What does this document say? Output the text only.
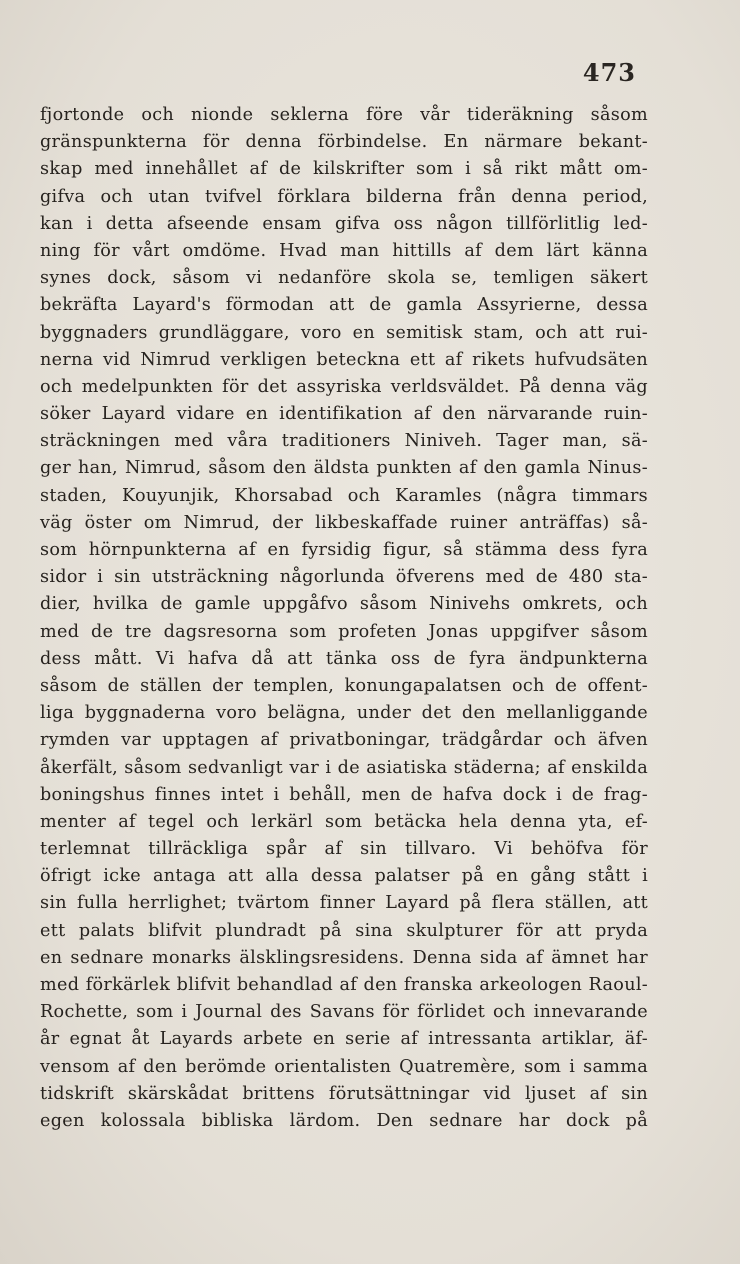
473
fjortonde och nionde seklerna före vår tideräkning såsom
gränspunkterna för denna förbindelse. En närmare bekant-
skap med innehållet af de kilskrifter som i så rikt mått om-
gifva och utan tvifvel förklara bilderna från denna period,
kan i detta afseende ensam gifva oss någon tillförlitlig led-
ning för vårt omdöme. Hvad man hittills af dem lärt känna
synes dock, såsom vi nedanföre skola se, temligen säkert
bekräfta Layard's förmodan att de gamla Assyrierne, dessa
byggnaders grundläggare, voro en semitisk stam, och att rui-
nerna vid Nimrud verkligen beteckna ett af rikets hufvudsäten
och medelpunkten för det assyriska verldsväldet. På denna väg
söker Layard vidare en identifikation af den närvarande ruin-
sträckningen med våra traditioners Niniveh. Tager man, sä-
ger han, Nimrud, såsom den äldsta punkten af den gamla Ninus-
staden, Kouyunjik, Khorsabad och Karamles (några timmars
väg öster om Nimrud, der likbeskaffade ruiner anträffas) så-
som hörnpunkterna af en fyrsidig figur, så stämma dess fyra
sidor i sin utsträckning någorlunda öfverens med de 480 sta-
dier, hvilka de gamle uppgåfvo såsom Ninivehs omkrets, och
med de tre dagsresorna som profeten Jonas uppgifver såsom
dess mått. Vi hafva då att tänka oss de fyra ändpunkterna
såsom de ställen der templen, konungapalatsen och de offent-
liga byggnaderna voro belägna, under det den mellanliggande
rymden var upptagen af privatboningar, trädgårdar och äfven
åkerfält, såsom sedvanligt var i de asiatiska städerna; af enskilda
boningshus finnes intet i behåll, men de hafva dock i de frag-
menter af tegel och lerkärl som betäcka hela denna yta, ef-
terlemnat tillräckliga spår af sin tillvaro. Vi behöfva för
öfrigt icke antaga att alla dessa palatser på en gång stått i
sin fulla herrlighet; tvärtom finner Layard på flera ställen, att
ett palats blifvit plundradt på sina skulpturer för att pryda
en sednare monarks älsklingsresidens. Denna sida af ämnet har
med förkärlek blifvit behandlad af den franska arkeologen Raoul-
Rochette, som i Journal des Savans för förlidet och innevarande
år egnat åt Layards arbete en serie af intressanta artiklar, äf-
vensom af den berömde orientalisten Quatremère, som i samma
tidskrift skärskådat brittens förutsättningar vid ljuset af sin
egen kolossala bibliska lärdom. Den sednare har dock på
